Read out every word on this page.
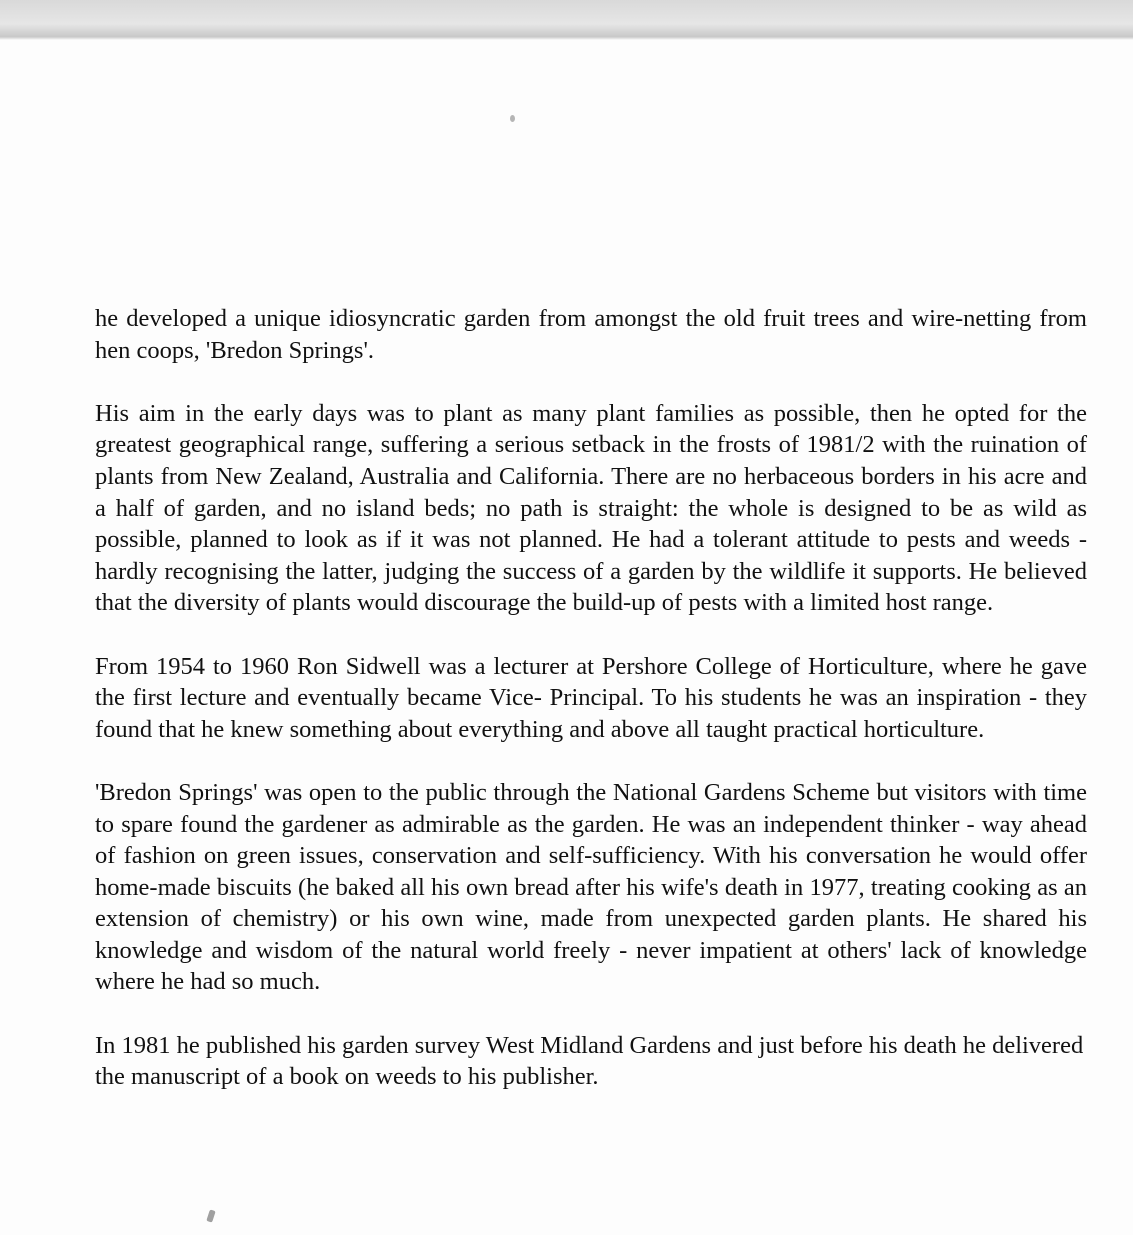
he developed a unique idiosyncratic garden from amongst the old fruit trees and wire-netting from hen coops, 'Bredon Springs'.

His aim in the early days was to plant as many plant families as possible, then he opted for the greatest geographical range, suffering a serious setback in the frosts of 1981/2 with the ruination of plants from New Zealand, Australia and California. There are no herbaceous borders in his acre and a half of garden, and no island beds; no path is straight: the whole is designed to be as wild as possible, planned to look as if it was not planned. He had a tolerant attitude to pests and weeds - hardly recognising the latter, judging the success of a garden by the wildlife it supports. He believed that the diversity of plants would discourage the build-up of pests with a limited host range.

From 1954 to 1960 Ron Sidwell was a lecturer at Pershore College of Horticulture, where he gave the first lecture and eventually became Vice- Principal. To his students he was an inspiration - they found that he knew something about everything and above all taught practical horticulture.

'Bredon Springs' was open to the public through the National Gardens Scheme but visitors with time to spare found the gardener as admirable as the garden. He was an independent thinker - way ahead of fashion on green issues, conservation and self-sufficiency. With his conversation he would offer home-made biscuits (he baked all his own bread after his wife's death in 1977, treating cooking as an extension of chemistry) or his own wine, made from unexpected garden plants. He shared his knowledge and wisdom of the natural world freely - never impatient at others' lack of knowledge where he had so much.

In 1981 he published his garden survey West Midland Gardens and just before his death he delivered the manuscript of a book on weeds to his publisher.
